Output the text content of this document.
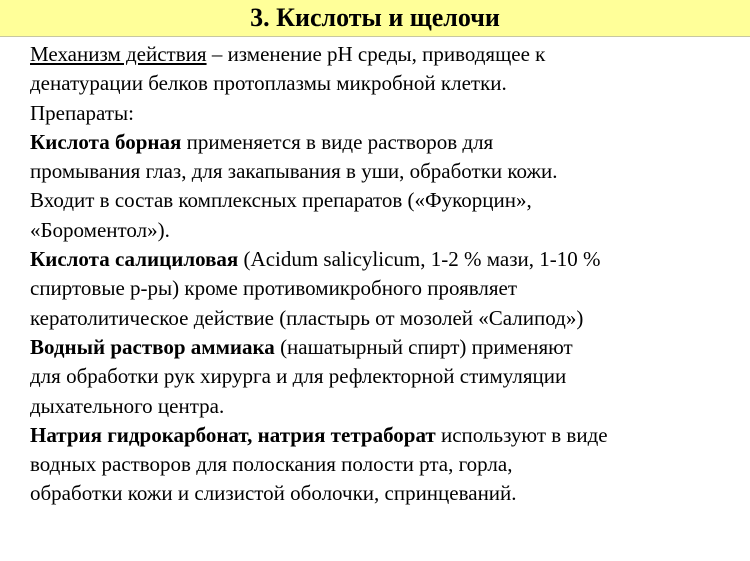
3. Кислоты и щелочи
Механизм действия – изменение pH среды, приводящее к
денатурации белков протоплазмы микробной клетки.
Препараты:
Кислота борная применяется в виде растворов для
промывания глаз, для закапывания в уши, обработки кожи.
Входит в состав комплексных препаратов («Фукорцин»,
«Бороментол»).
Кислота салициловая (Acidum salicylicum, 1-2 % мази, 1-10 %
спиртовые р-ры) кроме противомикробного проявляет
кератолитическое действие (пластырь от мозолей «Салипод»)
Водный раствор аммиака (нашатырный спирт) применяют
для обработки рук хирурга и для рефлекторной стимуляции
дыхательного центра.
Натрия гидрокарбонат, натрия тетраборат используют в виде
водных растворов для полоскания полости рта, горла,
обработки кожи и слизистой оболочки, спринцеваний.
